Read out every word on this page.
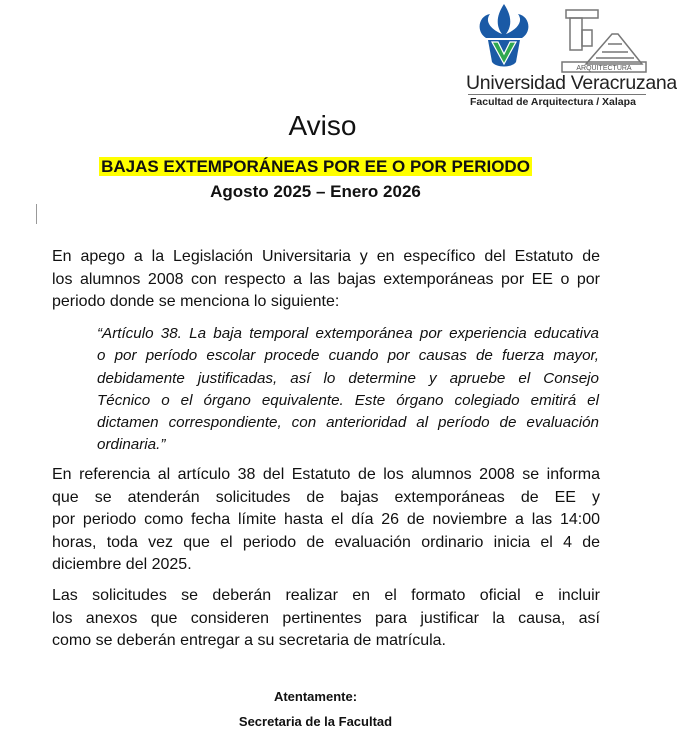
ARQUITECTURA
Universidad Veracruzana
Facultad de Arquitectura / Xalapa
Aviso
BAJAS EXTEMPORÁNEAS POR EE O POR PERIODO
Agosto 2025 – Enero 2026
En apego a la Legislación Universitaria y en específico del Estatuto de
los alumnos 2008 con respecto a las bajas extemporáneas por EE o por
periodo donde se menciona lo siguiente:
“Artículo 38. La baja temporal extemporánea por experiencia educativa
o por período escolar procede cuando por causas de fuerza mayor,
debidamente justificadas, así lo determine y apruebe el Consejo
Técnico o el órgano equivalente. Este órgano colegiado emitirá el
dictamen correspondiente, con anterioridad al período de evaluación
ordinaria.”
En referencia al artículo 38 del Estatuto de los alumnos 2008 se informa
que se atenderán solicitudes de bajas extemporáneas de EE y
por periodo como fecha límite hasta el día 26 de noviembre a las 14:00
horas, toda vez que el periodo de evaluación ordinario inicia el 4 de
diciembre del 2025.
Las solicitudes se deberán realizar en el formato oficial e incluir
los anexos que consideren pertinentes para justificar la causa, así
como se deberán entregar a su secretaria de matrícula.
Atentamente:
Secretaria de la Facultad
